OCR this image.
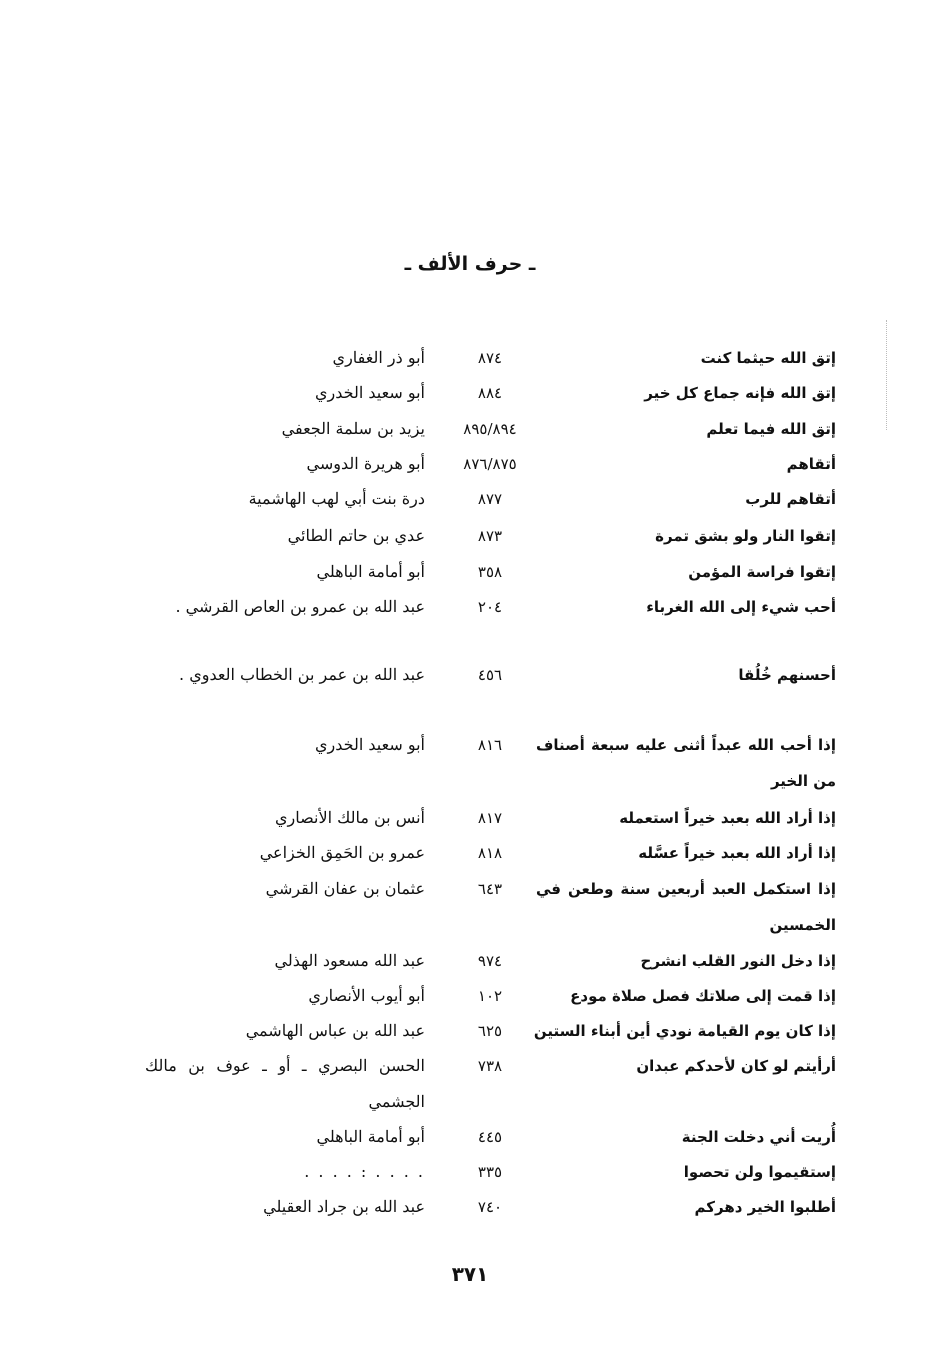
ـ حرف الألف ـ
إتق الله حيثما كنت
٨٧٤
أبو ذر الغفاري
إتق الله فإنه جماع كل خير
٨٨٤
أبو سعيد الخدري
إتق الله فيما تعلم
٨٩٥/٨٩٤
يزيد بن سلمة الجعفي
أتقاهم
٨٧٦/٨٧٥
أبو هريرة الدوسي
أتقاهم للرب
٨٧٧
درة بنت أبي لهب الهاشمية
إتقوا النار ولو بشق تمرة
٨٧٣
عدي بن حاتم الطائي
إتقوا فراسة المؤمن
٣٥٨
أبو أمامة الباهلي
أحب شيء إلى الله الغرباء
٢٠٤
عبد الله بن عمرو بن العاص القرشي .
أحسنهم خُلُقا
٤٥٦
عبد الله بن عمر بن الخطاب العدوي .
إذا أحب الله عبداً أثنى عليه سبعة أصناف من الخير
٨١٦
أبو سعيد الخدري
إذا أراد الله بعبد خيراً استعمله
٨١٧
أنس بن مالك الأنصاري
إذا أراد الله بعبد خيراً عسَّله
٨١٨
عمرو بن الحَمِق الخزاعي
إذا استكمل العبد أربعين سنة وطعن في الخمسين
٦٤٣
عثمان بن عفان القرشي
إذا دخل النور القلب انشرح
٩٧٤
عبد الله مسعود الهذلي
إذا قمت إلى صلاتك فصل صلاة مودع
١٠٢
أبو أيوب الأنصاري
إذا كان يوم القيامة نودي أين أبناء الستين
٦٢٥
عبد الله بن عباس الهاشمي
أرأيتم لو كان لأحدكم عبدان
٧٣٨
الحسن البصري ـ أو ـ عوف بن مالك الجشمي
أُريت أني دخلت الجنة
٤٤٥
أبو أمامة الباهلي
إستقيموا ولن تحصوا
٣٣٥
. . . . : . . . .
أطلبوا الخير دهركم
٧٤٠
عبد الله بن جراد العقيلي
٣٧١
